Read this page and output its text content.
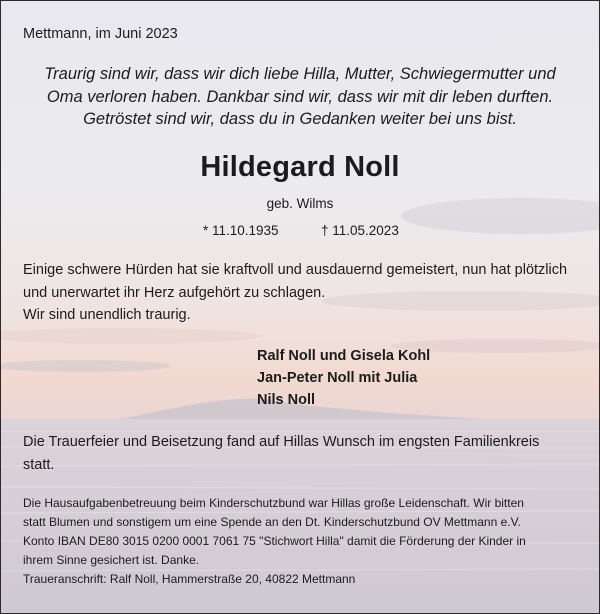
Mettmann, im Juni 2023
Traurig sind wir, dass wir dich liebe Hilla, Mutter, Schwiegermutter und
Oma verloren haben. Dankbar sind wir, dass wir mit dir leben durften.
Getröstet sind wir, dass du in Gedanken weiter bei uns bist.
Hildegard Noll
geb. Wilms
* 11.10.1935	† 11.05.2023
Einige schwere Hürden hat sie kraftvoll und ausdauernd gemeistert, nun hat plötzlich
und unerwartet ihr Herz aufgehört zu schlagen.
Wir sind unendlich traurig.
Ralf Noll und Gisela Kohl
Jan-Peter Noll mit Julia
Nils Noll
Die Trauerfeier und Beisetzung fand auf Hillas Wunsch im engsten Familienkreis
statt.
Die Hausaufgabenbetreuung beim Kinderschutzbund war Hillas große Leidenschaft. Wir bitten
statt Blumen und sonstigem um eine Spende an den Dt. Kinderschutzbund OV Mettmann e.V.
Konto IBAN DE80 3015 0200 0001 7061 75 "Stichwort Hilla" damit die Förderung der Kinder in
ihrem Sinne gesichert ist. Danke.
Traueranschrift: Ralf Noll, Hammerstraße 20, 40822 Mettmann
